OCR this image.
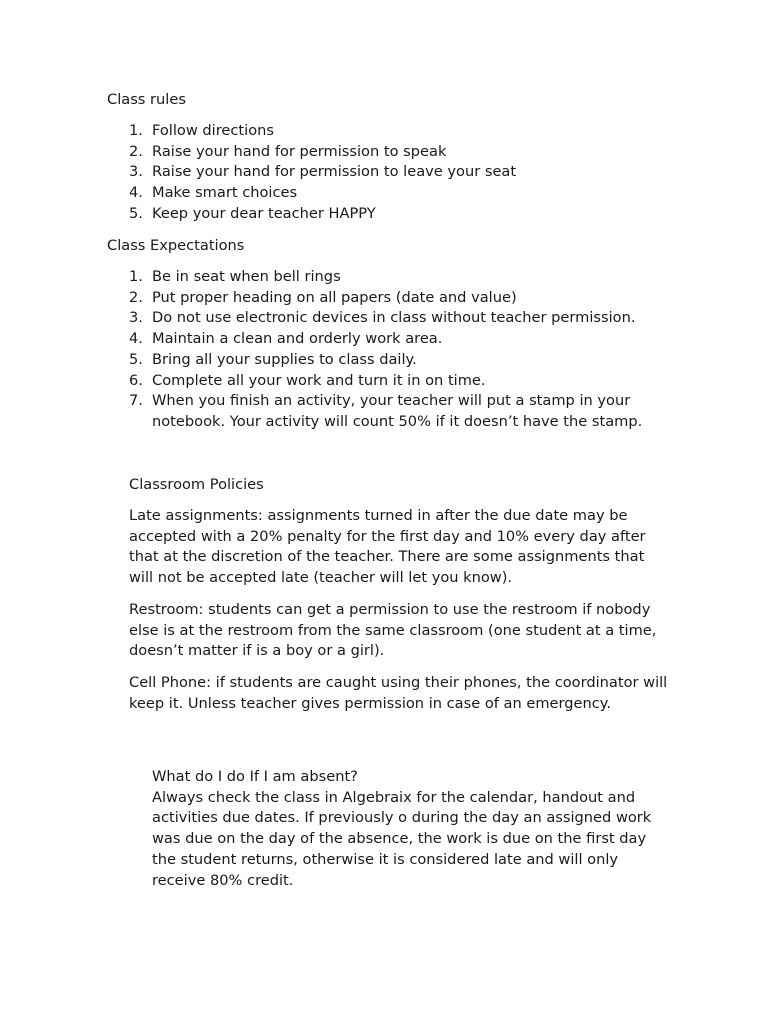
Class rules
1. Follow directions
2. Raise your hand for permission to speak
3. Raise your hand for permission to leave your seat
4. Make smart choices
5. Keep your dear teacher HAPPY
Class Expectations
1. Be in seat when bell rings
2. Put proper heading on all papers (date and value)
3. Do not use electronic devices in class without teacher permission.
4. Maintain a clean and orderly work area.
5. Bring all your supplies to class daily.
6. Complete all your work and turn it in on time.
7. When you finish an activity, your teacher will put a stamp in your notebook. Your activity will count 50% if it doesn’t have the stamp.
Classroom Policies

Late assignments: assignments turned in after the due date may be accepted with a 20% penalty for the first day and 10% every day after that at the discretion of the teacher. There are some assignments that will not be accepted late (teacher will let you know).

Restroom: students can get a permission to use the restroom if nobody else is at the restroom from the same classroom (one student at a time, doesn’t matter if is a boy or a girl).

Cell Phone: if students are caught using their phones, the coordinator will keep it. Unless teacher gives permission in case of an emergency.

What do I do If I am absent?

Always check the class in Algebraix for the calendar, handout and activities due dates. If previously o during the day an assigned work was due on the day of the absence, the work is due on the first day the student returns, otherwise it is considered late and will only receive 80% credit.
